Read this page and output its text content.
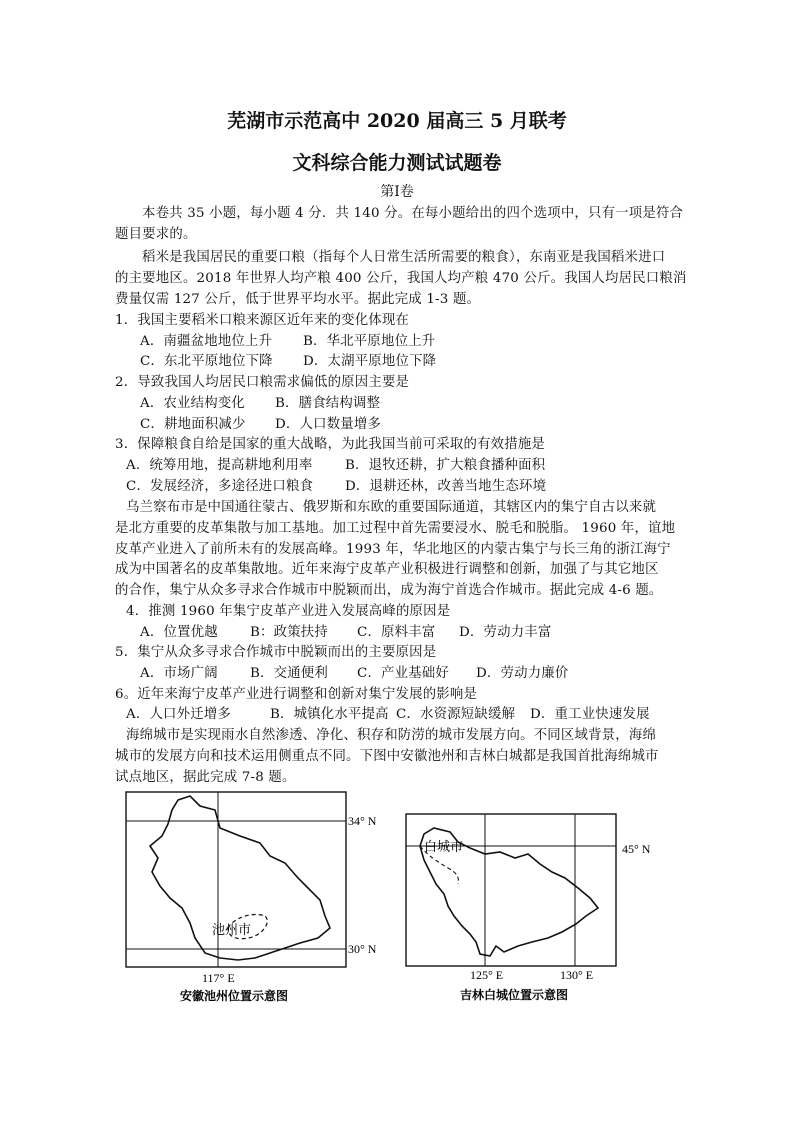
芜湖市示范高中 2020 届高三 5 月联考
文科综合能力测试试题卷
第Ⅰ卷
本卷共 35 小题，每小题 4 分．共 140 分。在每小题给出的四个选项中，只有一项是符合
题目要求的。
稻米是我国居民的重要口粮（指每个人日常生活所需要的粮食），东南亚是我国稻米进口
的主要地区。2018 年世界人均产粮 400 公斤，我国人均产粮 470 公斤。我国人均居民口粮消
费量仅需 127 公斤，低于世界平均水平。据此完成 1-3 题。
1．我国主要稻米口粮来源区近年来的变化体现在
A．南疆盆地地位上升 B．华北平原地位上升
C．东北平原地位下降 D．太湖平原地位下降
2．导致我国人均居民口粮需求偏低的原因主要是
A．农业结构变化 B．膳食结构调整
C．耕地面积减少 D．人口数量增多
3．保障粮食自给是国家的重大战略，为此我国当前可采取的有效措施是
A．统筹用地，提高耕地利用率 B．退牧还耕，扩大粮食播种面积
C．发展经济，多途径进口粮食 D．退耕还林，改善当地生态环境
乌兰察布市是中国通往蒙古、俄罗斯和东欧的重要国际通道，其辖区内的集宁自古以来就
是北方重要的皮革集散与加工基地。加工过程中首先需要浸水、脱毛和脱脂。 1960 年，谊地
皮革产业进入了前所未有的发展高峰。1993 年，华北地区的内蒙古集宁与长三角的浙江海宁
成为中国著名的皮革集散地。近年来海宁皮革产业积极进行调整和创新，加强了与其它地区
的合作，集宁从众多寻求合作城市中脱颖而出，成为海宁首选合作城市。据此完成 4-6 题。
4．推测 1960 年集宁皮革产业进入发展高峰的原因是
A．位置优越 B：政策扶持 C．原料丰富 D．劳动力丰富
5．集宁从众多寻求合作城市中脱颖而出的主要原因是
A．市场广阔 B．交通便利 C．产业基础好 D．劳动力廉价
6。近年来海宁皮革产业进行调整和创新对集宁发展的影响是
A．人口外迁增多	B．城镇化水平提高 C．水资源短缺缓解 D．重工业快速发展
海绵城市是实现雨水自然渗透、净化、积存和防涝的城市发展方向。不同区域背景，海绵
城市的发展方向和技术运用侧重点不同。下图中安徽池州和吉林白城都是我国首批海绵城市
试点地区，据此完成 7-8 题。
池州市
34° N
30° N
117° E
安徽池州位置示意图
白城市	45° N
125° E	130° E
吉林白城位置示意图
